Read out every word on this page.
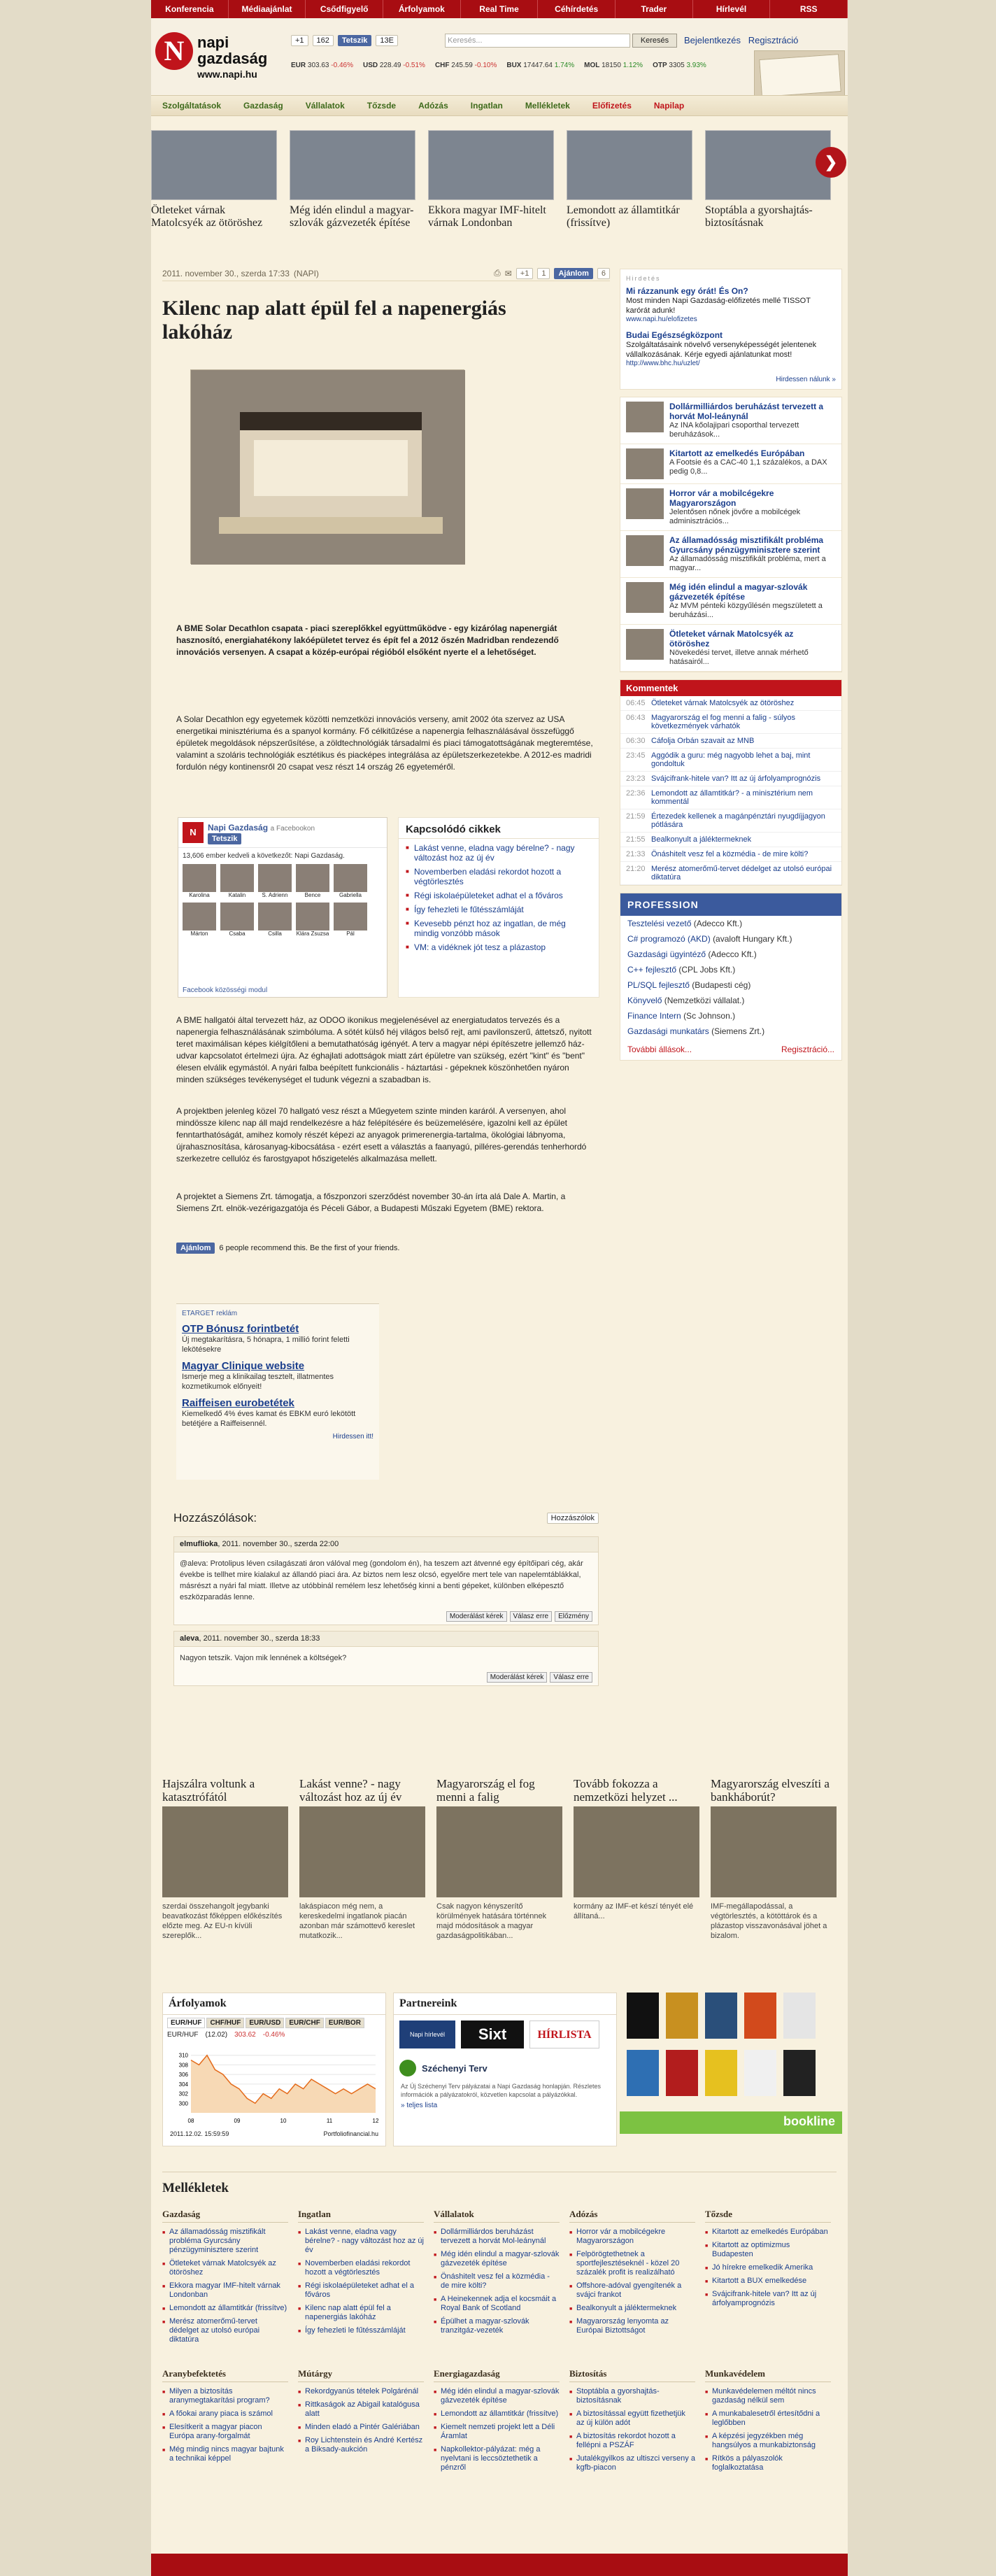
Konferencia	Médiaajánlat	Csődfigyelő	Árfolyamok	Real Time	Céhírdetés	Trader	Hírlevél	RSS
N napi
gazdaság
www.napi.hu
+1	162	Tetszik	13E	Keresés...	Keresés	Bejelentkezés Regisztráció
EUR 303.63 -0.46% USD 228.49 -0.51% CHF 245.59 -0.10% BUX 17447.64 1.74% MOL 18150 1.12% OTP 3305 3.93%
Szolgáltatások	Gazdaság	Vállalatok	Tőzsde	Adózás	Ingatlan	Mellékletek	Előfizetés	Napilap
Ötleteket várnak Matolcsyék az ötöröshez
Még idén elindul a magyar-szlovák gázvezeték építése
Ekkora magyar IMF-hitelt várnak Londonban
Lemondott az államtitkár (frissítve)
Stoptábla a gyorshajtás-biztosításnak
❯
2011. november 30., szerda 17:33 (NAPI)	⎙ ✉	+1	1	Ajánlom	6
Kilenc nap alatt épül fel a napenergiás lakóház
A BME Solar Decathlon csapata - piaci szereplőkkel együttműködve - egy kizárólag napenergiát hasznosító, energiahatékony lakóépületet tervez és épít fel a 2012 őszén Madridban rendezendő innovációs versenyen. A csapat a közép-európai régióból elsőként nyerte el a lehetőséget.
A Solar Decathlon egy egyetemek közötti nemzetközi innovációs verseny, amit 2002 óta szervez az USA energetikai minisztériuma és a spanyol kormány. Fő célkitűzése a napenergia felhasználásával összefüggő épületek megoldások népszerűsítése, a zöldtechnológiák társadalmi és piaci támogatottságának megteremtése, valamint a szoláris technológiák esztétikus és piacképes integrálása az épületszerkezetekbe. A 2012-es madridi fordulón négy kontinensről 20 csapat vesz részt 14 ország 26 egyeteméről.
N	Napi Gazdaság a Facebookon
Tetszik
13,606 ember kedveli a következőt: Napi Gazdaság.
Karolina	Katalin	S. Adrienn	Bence	Gabriella
Márton	Csaba	Csilla	Klára Zsuzsa	Pál
Facebook közösségi modul
Kapcsolódó cikkek
■ Lakást venne, eladna vagy bérelne? - nagy változást hoz az új év
■ Novemberben eladási rekordot hozott a végtörlesztés
■ Régi iskolaépületeket adhat el a főváros
■ Így fehezleti le fűtésszámláját
■ Kevesebb pénzt hoz az ingatlan, de még mindig vonzóbb mások
■ VM: a vidéknek jót tesz a plázastop
A BME hallgatói által tervezett ház, az ODOO ikonikus megjelenésével az energiatudatos tervezés és a napenergia felhasználásának szimbóluma. A sötét külső héj világos belső rejt, ami pavilonszerű, áttetsző, nyitott teret maximálisan képes kiélgítőleni a bemutathatóság igényét. A terv a magyar népi építészetre jellemző ház-udvar kapcsolatot értelmezi újra. Az éghajlati adottságok miatt zárt épületre van szükség, ezért "kint" és "bent" élesen elválik egymástól. A nyári falba beépített funkcionális - háztartási - gépeknek köszönhetően nyáron minden szükséges tevékenységet el tudunk végezni a szabadban is.
A projektben jelenleg közel 70 hallgató vesz részt a Műegyetem szinte minden karáról. A versenyen, ahol mindössze kilenc nap áll majd rendelkezésre a ház felépítésére és beüzemelésére, igazolni kell az épület fenntarthatóságát, amihez komoly részét képezi az anyagok primerenergia-tartalma, ökológiai lábnyoma, újrahasznosítása, károsanyag-kibocsátása - ezért esett a választás a faanyagú, pilléres-gerendás tenherhordó szerkezetre cellulóz és farostgyapot hőszigetelés alkalmazása mellett.
A projektet a Siemens Zrt. támogatja, a főszponzori szerződést november 30-án írta alá Dale A. Martin, a Siemens Zrt. elnök-vezérigazgatója és Péceli Gábor, a Budapesti Műszaki Egyetem (BME) rektora.
Ajánlom	6 people recommend this. Be the first of your friends.
ETARGET reklám
OTP Bónusz forintbetét
Új megtakarításra, 5 hónapra, 1 millió forint feletti lekötésekre
Magyar Clinique website
Ismerje meg a klinikailag tesztelt, illatmentes kozmetikumok előnyeit!
Raiffeisen eurobetétek
Kiemelkedő 4% éves kamat és EBKM euró lekötött betétjére a Raiffeisennél.
Hirdessen itt!
Hozzászólások:	Hozzászólok
elmuflioka, 2011. november 30., szerda 22:00
@aleva: Protolipus léven csilagászati áron válóval meg (gondolom én), ha teszem azt átvenné egy építőipari cég, akár évekbe is tellhet mire kialakul az állandó piaci ára. Az biztos nem lesz olcsó, egyelőre mert tele van napelemtáblákkal, másrészt a nyári fal miatt. Illetve az utóbbinál remélem lesz lehetőség kinni a benti gépeket, különben elképesztő eszközparadás lenne.
Moderálást kérek	Válasz erre	Előzmény
aleva, 2011. november 30., szerda 18:33
Nagyon tetszik. Vajon mik lennének a költségek?
Moderálást kérek	Válasz erre
Hirdetés
Mi rázzanunk egy órát! És On?
Most minden Napi Gazdaság-előfizetés mellé TISSOT karórát adunk!
www.napi.hu/elofizetes
Budai Egészségközpont
Szolgáltatásaink növelvő versenyképességét jelentenek vállalkozásának. Kérje egyedi ajánlatunkat most!
http://www.bhc.hu/uzlet/
Hirdessen nálunk »
Dollármilliárdos beruházást tervezett a horvát Mol-leánynál
Az INA kőolajipari csoporthal tervezett beruházások...
Kitartott az emelkedés Európában
A Footsie és a CAC-40 1,1 százalékos, a DAX pedig 0,8...
Horror vár a mobilcégekre Magyarországon
Jelentősen nőnek jövőre a mobilcégek adminisztrációs...
Az államadósság misztifikált probléma Gyurcsány pénzügyminisztere szerint
Az államadósság misztifikált probléma, mert a magyar...
Még idén elindul a magyar-szlovák gázvezeték építése
Az MVM pénteki közgyűlésén megszületett a beruházási...
Ötleteket várnak Matolcsyék az ötöröshez
Növekedési tervet, illetve annak mérhető hatásairól...
Kommentek
06:45 Ötleteket várnak Matolcsyék az ötöröshez
06:43 Magyarország el fog menni a falig - súlyos következmények várhatók
06:30 Cáfolja Orbán szavait az MNB
23:45 Aggódik a guru: még nagyobb lehet a baj, mint gondoltuk
23:23 Svájcifrank-hitele van? Itt az új árfolyamprognózis
22:36 Lemondott az államtitkár? - a minisztérium nem kommentál
21:59 Értezedek kellenek a magánpénztári nyugdíjjagyon pótlására
21:55 Bealkonyult a jáléktermeknek
21:33 Önáshitelt vesz fel a közmédia - de mire költi?
21:20 Merész atomerőmű-tervet dédelget az utolsó európai diktatúra
PROFESSION
Tesztelési vezető (Adecco Kft.)
C# programozó (AKD) (avaloft Hungary Kft.)
Gazdasági ügyintéző (Adecco Kft.)
C++ fejlesztő (CPL Jobs Kft.)
PL/SQL fejlesztő (Budapesti cég)
Könyvelő (Nemzetközi vállalat.)
Finance Intern (Sc Johnson.)
Gazdasági munkatárs (Siemens Zrt.)
További állások...	Regisztráció...
Hajszálra voltunk a katasztrófától
szerdai összehangolt jegybanki beavatkozást főképpen előkészítés előzte meg. Az EU-n kívüli szereplők...
Lakást venne? - nagy változást hoz az új év
lakáspiacon még nem, a kereskedelmi ingatlanok piacán azonban már számottevő kereslet mutatkozik...
Magyarország el fog menni a falig
Csak nagyon kényszerítő körülmények hatására történnek majd módosítások a magyar gazdaságpolitikában...
Tovább fokozza a nemzetközi helyzet ...
kormány az IMF-et készí tényét elé állítaná...
Magyarország elveszíti a bankháborút?
IMF-megállapodással, a végtörlesztés, a kötöttárok és a plázastop visszavonásával jöhet a bizalom.
Árfolyamok
EUR/HUF	CHF/HUF	EUR/USD	EUR/CHF	EUR/BOR
EUR/HUF (12.02) 303.62 -0.46%
300
302
304
306
308
310
08	09	10	11	12
2011.12.02. 15:59:59	Portfoliofinancial.hu
Partnereink
Napi hírlevél	Sixt	HÍRLISTA
Széchenyi Terv
Az Új Széchenyi Terv pályázatai a Napi Gazdaság honlapján. Részletes információk a pályázatokról, közvetlen kapcsolat a pályázókkal.
» teljes lista
bookline
Mellékletek
Gazdaság
■ Az államadósság misztifikált probléma Gyurcsány pénzügyminisztere szerint
■ Ötleteket várnak Matolcsyék az ötöröshez
■ Ekkora magyar IMF-hitelt várnak Londonban
■ Lemondott az államtitkár (frissítve)
■ Merész atomerőmű-tervet dédelget az utolsó európai diktatúra
Ingatlan
■ Lakást venne, eladna vagy bérelne? - nagy változást hoz az új év
■ Novemberben eladási rekordot hozott a végtörlesztés
■ Régi iskolaépületeket adhat el a főváros
■ Kilenc nap alatt épül fel a napenergiás lakóház
■ Így fehezleti le fűtésszámláját
Vállalatok
■ Dollármilliárdos beruházást tervezett a horvát Mol-leánynál
■ Még idén elindul a magyar-szlovák gázvezeték építése
■ Önáshitelt vesz fel a közmédia - de mire költi?
■ A Heinekennek adja el kocsmáit a Royal Bank of Scotland
■ Épülhet a magyar-szlovák tranzitgáz-vezeték
Adózás
■ Horror vár a mobilcégekre Magyarországon
■ Felpörögtethetnek a sportfejlesztéseknél - közel 20 százalék profit is realizálható
■ Offshore-adóval gyengítenék a svájci frankot
■ Bealkonyult a jáléktermeknek
■ Magyarország lenyomta az Európai Biztottságot
Tőzsde
■ Kitartott az emelkedés Európában
■ Kitartott az optimizmus Budapesten
■ Jó hírekre emelkedik Amerika
■ Kitartott a BUX emelkedése
■ Svájcifrank-hitele van? Itt az új árfolyamprognózis
Aranybefektetés
■ Milyen a biztosítás aranymegtakarítási program?
■ A főokai arany piaca is számol
■ Elesítkerit a magyar piacon Európa arany-forgalmát
■ Még mindig nincs magyar bajtunk a technikai képpel
Mútárgy
■ Rekordgyanús tételek Polgárénál
■ Rittkaságok az Abigail katalógusa alatt
■ Minden eladó a Pintér Galériában
■ Roy Lichtenstein és André Kertész a Biksady-aukción
Energiagazdaság
■ Még idén elindul a magyar-szlovák gázvezeték építése
■ Lemondott az államtitkár (frissítve)
■ Kiemelt nemzeti projekt lett a Déli Áramlat
■ Napkollektor-pályázat: még a nyelvtani is leccsöztethetik a pénzről
Biztosítás
■ Stoptábla a gyorshajtás-biztosításnak
■ A biztosítással együtt fizethetjük az új külön adót
■ A biztosítás rekordot hozott a fellépni a PSZÁF
■ Jutalékgyilkos az ultiszci verseny a kgfb-piacon
Munkavédelem
■ Munkavédelemen méltót nincs gazdaság nélkül sem
■ A munkabalesetről értesítődni a leglőbben
■ A képzési jegyzékben még hangsúlyos a munkabiztonság
■ Rítkös a pályaszolók foglalkoztatása
